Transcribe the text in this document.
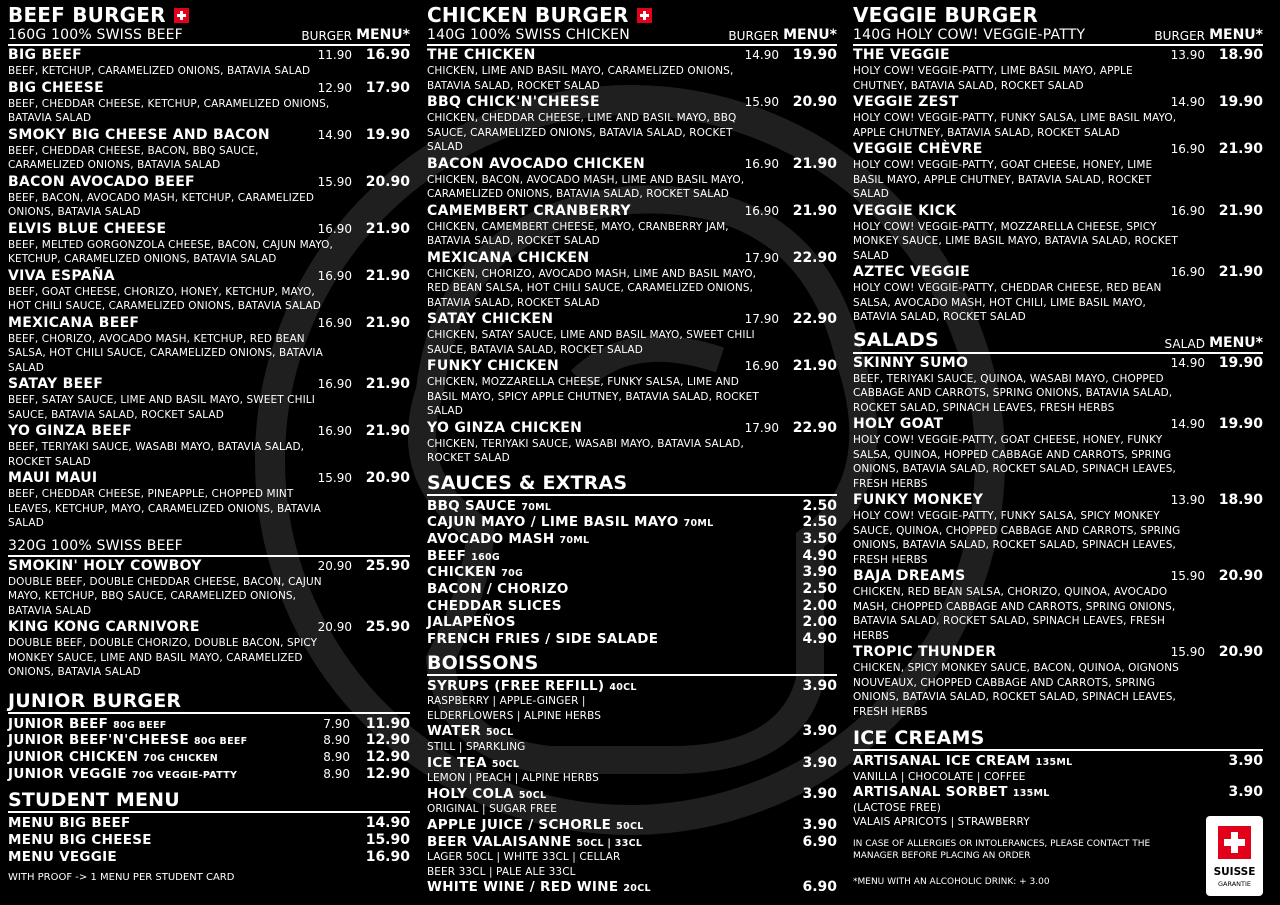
BEEF BURGER
160G 100% SWISS BEEF	BURGER MENU*
BIG BEEF	11.90 16.90
BEEF, KETCHUP, CARAMELIZED ONIONS, BATAVIA SALAD
BIG CHEESE	12.90 17.90
BEEF, CHEDDAR CHEESE, KETCHUP, CARAMELIZED ONIONS, BATAVIA SALAD
SMOKY BIG CHEESE AND BACON	14.90 19.90
BEEF, CHEDDAR CHEESE, BACON, BBQ SAUCE, CARAMELIZED ONIONS, BATAVIA SALAD
BACON AVOCADO BEEF	15.90 20.90
BEEF, BACON, AVOCADO MASH, KETCHUP, CARAMELIZED ONIONS, BATAVIA SALAD
ELVIS BLUE CHEESE	16.90 21.90
BEEF, MELTED GORGONZOLA CHEESE, BACON, CAJUN MAYO, KETCHUP, CARAMELIZED ONIONS, BATAVIA SALAD
VIVA ESPAÑA	16.90 21.90
BEEF, GOAT CHEESE, CHORIZO, HONEY, KETCHUP, MAYO, HOT CHILI SAUCE, CARAMELIZED ONIONS, BATAVIA SALAD
MEXICANA BEEF	16.90 21.90
BEEF, CHORIZO, AVOCADO MASH, KETCHUP, RED BEAN SALSA, HOT CHILI SAUCE, CARAMELIZED ONIONS, BATAVIA SALAD
SATAY BEEF	16.90 21.90
BEEF, SATAY SAUCE, LIME AND BASIL MAYO, SWEET CHILI SAUCE, BATAVIA SALAD, ROCKET SALAD
YO GINZA BEEF	16.90 21.90
BEEF, TERIYAKI SAUCE, WASABI MAYO, BATAVIA SALAD, ROCKET SALAD
MAUI MAUI	15.90 20.90
BEEF, CHEDDAR CHEESE, PINEAPPLE, CHOPPED MINT LEAVES, KETCHUP, MAYO, CARAMELIZED ONIONS, BATAVIA SALAD
320G 100% SWISS BEEF
SMOKIN' HOLY COWBOY	20.90 25.90
DOUBLE BEEF, DOUBLE CHEDDAR CHEESE, BACON, CAJUN MAYO, KETCHUP, BBQ SAUCE, CARAMELIZED ONIONS, BATAVIA SALAD
KING KONG CARNIVORE	20.90 25.90
DOUBLE BEEF, DOUBLE CHORIZO, DOUBLE BACON, SPICY MONKEY SAUCE, LIME AND BASIL MAYO, CARAMELIZED ONIONS, BATAVIA SALAD
JUNIOR BURGER
JUNIOR BEEF 80G BEEF	7.90	11.90
JUNIOR BEEF'N'CHEESE 80G BEEF	8.90	12.90
JUNIOR CHICKEN 70G CHICKEN	8.90	12.90
JUNIOR VEGGIE 70G VEGGIE-PATTY	8.90	12.90
STUDENT MENU
MENU BIG BEEF	14.90
MENU BIG CHEESE	15.90
MENU VEGGIE	16.90
WITH PROOF -> 1 MENU PER STUDENT CARD
CHICKEN BURGER
140G 100% SWISS CHICKEN	BURGER MENU*
THE CHICKEN	14.90 19.90
CHICKEN, LIME AND BASIL MAYO, CARAMELIZED ONIONS, BATAVIA SALAD, ROCKET SALAD
BBQ CHICK'N'CHEESE	15.90 20.90
CHICKEN, CHEDDAR CHEESE, LIME AND BASIL MAYO, BBQ SAUCE, CARAMELIZED ONIONS, BATAVIA SALAD, ROCKET SALAD
BACON AVOCADO CHICKEN	16.90 21.90
CHICKEN, BACON, AVOCADO MASH, LIME AND BASIL MAYO, CARAMELIZED ONIONS, BATAVIA SALAD, ROCKET SALAD
CAMEMBERT CRANBERRY	16.90 21.90
CHICKEN, CAMEMBERT CHEESE, MAYO, CRANBERRY JAM, BATAVIA SALAD, ROCKET SALAD
MEXICANA CHICKEN	17.90 22.90
CHICKEN, CHORIZO, AVOCADO MASH, LIME AND BASIL MAYO, RED BEAN SALSA, HOT CHILI SAUCE, CARAMELIZED ONIONS, BATAVIA SALAD, ROCKET SALAD
SATAY CHICKEN	17.90 22.90
CHICKEN, SATAY SAUCE, LIME AND BASIL MAYO, SWEET CHILI SAUCE, BATAVIA SALAD, ROCKET SALAD
FUNKY CHICKEN	16.90 21.90
CHICKEN, MOZZARELLA CHEESE, FUNKY SALSA, LIME AND BASIL MAYO, SPICY APPLE CHUTNEY, BATAVIA SALAD, ROCKET SALAD
YO GINZA CHICKEN	17.90 22.90
CHICKEN, TERIYAKI SAUCE, WASABI MAYO, BATAVIA SALAD, ROCKET SALAD
SAUCES & EXTRAS
BBQ SAUCE 70ML	2.50
CAJUN MAYO / LIME BASIL MAYO 70ML	2.50
AVOCADO MASH 70ML	3.50
BEEF 160G	4.90
CHICKEN 70G	3.90
BACON / CHORIZO	2.50
CHEDDAR SLICES	2.00
JALAPEÑOS	2.00
FRENCH FRIES / SIDE SALADE	4.90
BOISSONS
SYRUPS (FREE REFILL) 40CL	3.90
RASPBERRY | APPLE-GINGER | ELDERFLOWERS | ALPINE HERBS
WATER 50CL	3.90
STILL | SPARKLING
ICE TEA 50CL	3.90
LEMON | PEACH | ALPINE HERBS
HOLY COLA 50CL	3.90
ORIGINAL | SUGAR FREE
APPLE JUICE / SCHORLE 50CL	3.90
BEER VALAISANNE 50CL | 33CL	6.90
LAGER 50CL | WHITE 33CL | CELLAR BEER 33CL | PALE ALE 33CL
WHITE WINE / RED WINE 20CL	6.90
VEGGIE BURGER
140G HOLY COW! VEGGIE-PATTY	BURGER MENU*
THE VEGGIE	13.90 18.90
HOLY COW! VEGGIE-PATTY, LIME BASIL MAYO, APPLE CHUTNEY, BATAVIA SALAD, ROCKET SALAD
VEGGIE ZEST	14.90 19.90
HOLY COW! VEGGIE-PATTY, FUNKY SALSA, LIME BASIL MAYO, APPLE CHUTNEY, BATAVIA SALAD, ROCKET SALAD
VEGGIE CHÈVRE	16.90 21.90
HOLY COW! VEGGIE-PATTY, GOAT CHEESE, HONEY, LIME BASIL MAYO, APPLE CHUTNEY, BATAVIA SALAD, ROCKET SALAD
VEGGIE KICK	16.90 21.90
HOLY COW! VEGGIE-PATTY, MOZZARELLA CHEESE, SPICY MONKEY SAUCE, LIME BASIL MAYO, BATAVIA SALAD, ROCKET SALAD
AZTEC VEGGIE	16.90 21.90
HOLY COW! VEGGIE-PATTY, CHEDDAR CHEESE, RED BEAN SALSA, AVOCADO MASH, HOT CHILI, LIME BASIL MAYO, BATAVIA SALAD, ROCKET SALAD
SALADS	SALAD MENU*
SKINNY SUMO	14.90 19.90
BEEF, TERIYAKI SAUCE, QUINOA, WASABI MAYO, CHOPPED CABBAGE AND CARROTS, SPRING ONIONS, BATAVIA SALAD, ROCKET SALAD, SPINACH LEAVES, FRESH HERBS
HOLY GOAT	14.90 19.90
HOLY COW! VEGGIE-PATTY, GOAT CHEESE, HONEY, FUNKY SALSA, QUINOA, HOPPED CABBAGE AND CARROTS, SPRING ONIONS, BATAVIA SALAD, ROCKET SALAD, SPINACH LEAVES, FRESH HERBS
FUNKY MONKEY	13.90 18.90
HOLY COW! VEGGIE-PATTY, FUNKY SALSA, SPICY MONKEY SAUCE, QUINOA, CHOPPED CABBAGE AND CARROTS, SPRING ONIONS, BATAVIA SALAD, ROCKET SALAD, SPINACH LEAVES, FRESH HERBS
BAJA DREAMS	15.90 20.90
CHICKEN, RED BEAN SALSA, CHORIZO, QUINOA, AVOCADO MASH, CHOPPED CABBAGE AND CARROTS, SPRING ONIONS, BATAVIA SALAD, ROCKET SALAD, SPINACH LEAVES, FRESH HERBS
TROPIC THUNDER	15.90 20.90
CHICKEN, SPICY MONKEY SAUCE, BACON, QUINOA, OIGNONS NOUVEAUX, CHOPPED CABBAGE AND CARROTS, SPRING ONIONS, BATAVIA SALAD, ROCKET SALAD, SPINACH LEAVES, FRESH HERBS
ICE CREAMS
ARTISANAL ICE CREAM 135ML	3.90
VANILLA | CHOCOLATE | COFFEE
ARTISANAL SORBET 135ML	3.90
(LACTOSE FREE)
VALAIS APRICOTS | STRAWBERRY
IN CASE OF ALLERGIES OR INTOLERANCES, PLEASE CONTACT THE MANAGER BEFORE PLACING AN ORDER
*MENU WITH AN ALCOHOLIC DRINK: + 3.00
SUISSE
GARANTIE
